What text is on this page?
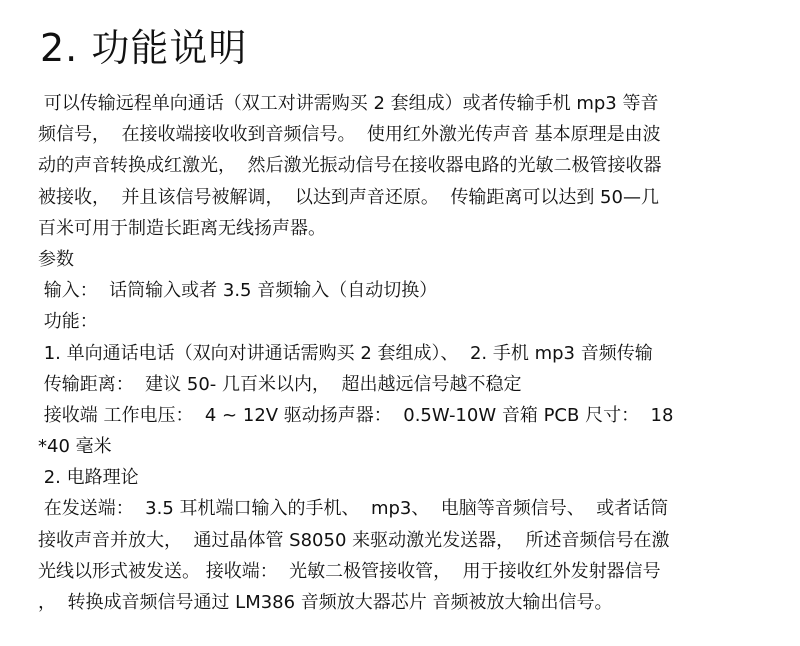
2. 功能说明
可以传输远程单向通话（双工对讲需购买 2 套组成）或者传输手机 mp3 等音
频信号，  在接收端接收收到音频信号。  使用红外激光传声音 基本原理是由波
动的声音转换成红激光，  然后激光振动信号在接收器电路的光敏二极管接收器
被接收，  并且该信号被解调，  以达到声音还原。  传输距离可以达到 50—几
百米可用于制造长距离无线扬声器。
参数
输入：  话筒输入或者 3.5 音频输入（自动切换）
功能：
1. 单向通话电话（双向对讲通话需购买 2 套组成）、  2. 手机 mp3 音频传输
传输距离：  建议 50- 几百米以内，  超出越远信号越不稳定
接收端 工作电压：  4 ~ 12V 驱动扬声器：  0.5W-10W 音箱 PCB 尺寸：  18
*40 毫米
2. 电路理论
在发送端：  3.5 耳机端口输入的手机、  mp3、  电脑等音频信号、  或者话筒
接收声音并放大，  通过晶体管 S8050 来驱动激光发送器，  所述音频信号在激
光线以形式被发送。 接收端：  光敏二极管接收管，  用于接收红外发射器信号
，  转换成音频信号通过 LM386 音频放大器芯片 音频被放大输出信号。
